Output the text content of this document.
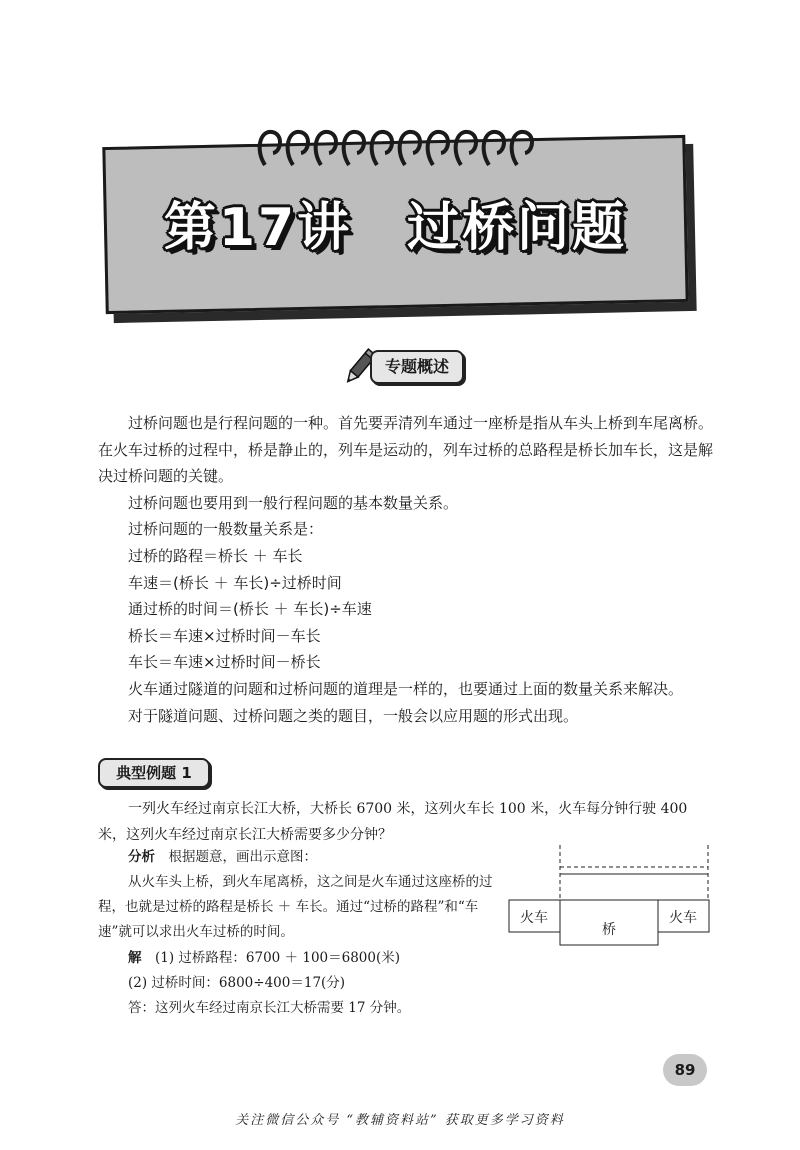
第17讲　过桥问题
专题概述

过桥问题也是行程问题的一种。首先要弄清列车通过一座桥是指从车头上桥到车尾离桥。在火车过桥的过程中，桥是静止的，列车是运动的，列车过桥的总路程是桥长加车长，这是解决过桥问题的关键。

过桥问题也要用到一般行程问题的基本数量关系。

过桥问题的一般数量关系是：

过桥的路程＝桥长 ＋ 车长
车速＝(桥长 ＋ 车长)÷过桥时间
通过桥的时间＝(桥长 ＋ 车长)÷车速
桥长＝车速×过桥时间－车长
车长＝车速×过桥时间－桥长
火车通过隧道的问题和过桥问题的道理是一样的，也要通过上面的数量关系来解决。
对于隧道问题、过桥问题之类的题目，一般会以应用题的形式出现。
典型例题 1

一列火车经过南京长江大桥，大桥长 6700 米，这列火车长 100 米，火车每分钟行驶 400 米，这列火车经过南京长江大桥需要多少分钟？

分析　 根据题意，画出示意图：

从火车头上桥，到火车尾离桥，这之间是火车通过这座桥的过程，也就是过桥的路程是桥长 ＋ 车长。通过“过桥的路程”和“车速”就可以求出火车过桥的时间。

火车	火车
桥

解　 (1) 过桥路程：6700 ＋ 100＝6800(米)

(2) 过桥时间：6800÷400＝17(分)

答：这列火车经过南京长江大桥需要 17 分钟。

89
关注微信公众号 “教辅资料站” 获取更多学习资料
